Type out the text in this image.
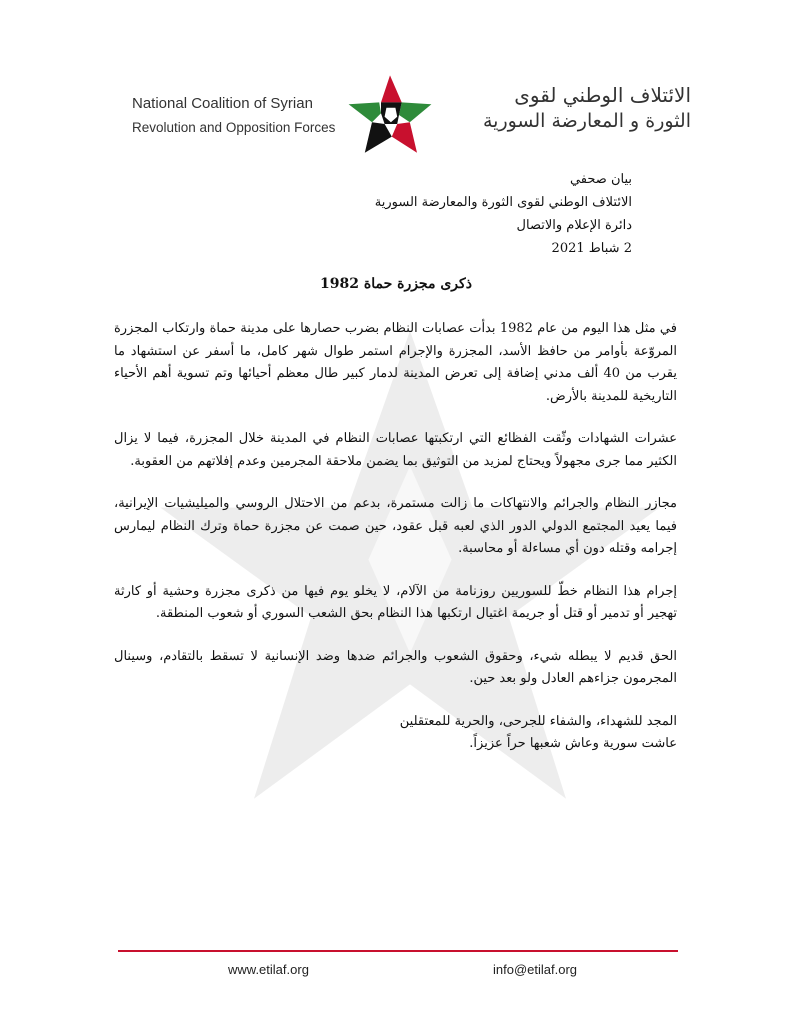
National Coalition of Syrian
Revolution and Opposition Forces
الائتلاف الوطني لقوى
الثورة و المعارضة السورية
بيان صحفي
الائتلاف الوطني لقوى الثورة والمعارضة السورية
دائرة الإعلام والاتصال
2 شباط 2021
ذكرى مجزرة حماة 1982

في مثل هذا اليوم من عام 1982 بدأت عصابات النظام بضرب حصارها على مدينة حماة وارتكاب المجزرة المروّعة بأوامر من حافظ الأسد، المجزرة والإجرام استمر طوال شهر كامل، ما أسفر عن استشهاد ما يقرب من 40 ألف مدني إضافة إلى تعرض المدينة لدمار كبير طال معظم أحيائها وتم تسوية أهم الأحياء التاريخية للمدينة بالأرض.

عشرات الشهادات وثّقت الفظائع التي ارتكبتها عصابات النظام في المدينة خلال المجزرة، فيما لا يزال الكثير مما جرى مجهولاً ويحتاج لمزيد من التوثيق بما يضمن ملاحقة المجرمين وعدم إفلاتهم من العقوبة.

مجازر النظام والجرائم والانتهاكات ما زالت مستمرة، بدعم من الاحتلال الروسي والميليشيات الإيرانية، فيما يعيد المجتمع الدولي الدور الذي لعبه قبل عقود، حين صمت عن مجزرة حماة وترك النظام ليمارس إجرامه وقتله دون أي مساءلة أو محاسبة.

إجرام هذا النظام خطّ للسوريين روزنامة من الآلام، لا يخلو يوم فيها من ذكرى مجزرة وحشية أو كارثة تهجير أو تدمير أو قتل أو جريمة اغتيال ارتكبها هذا النظام بحق الشعب السوري أو شعوب المنطقة.

الحق قديم لا يبطله شيء، وحقوق الشعوب والجرائم ضدها وضد الإنسانية لا تسقط بالتقادم، وسينال المجرمون جزاءهم العادل ولو بعد حين.

المجد للشهداء، والشفاء للجرحى، والحرية للمعتقلين
عاشت سورية وعاش شعبها حراً عزيزاً.

www.etilaf.org	info@etilaf.org
